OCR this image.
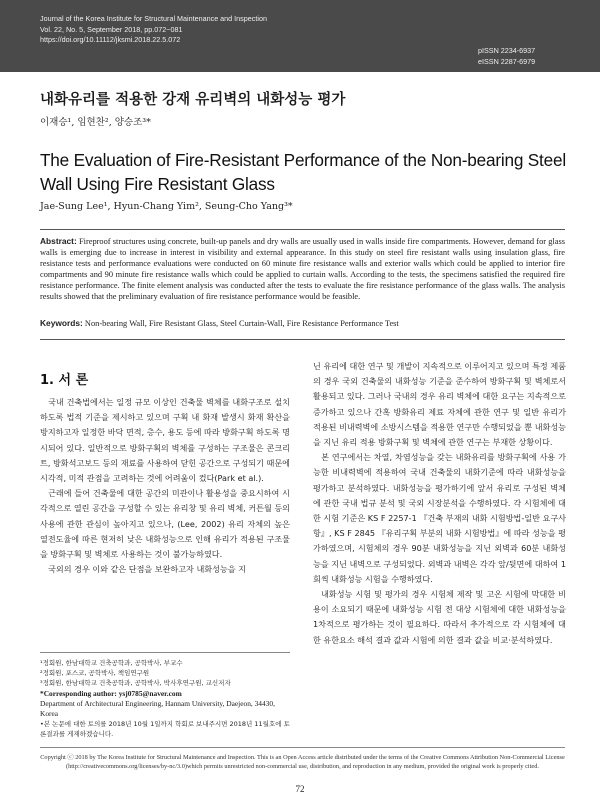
Journal of the Korea Institute for Structural Maintenance and Inspection
Vol. 22, No. 5, September 2018, pp.072~081
https://doi.org/10.11112/jksmi.2018.22.5.072
pISSN 2234-6937
eISSN 2287-6979
내화유리를 적용한 강재 유리벽의 내화성능 평가
이재승¹, 임현찬², 양승조³*
The Evaluation of Fire-Resistant Performance of the Non-bearing Steel Wall Using Fire Resistant Glass
Jae-Sung Lee¹, Hyun-Chang Yim², Seung-Cho Yang³*
Abstract: Fireproof structures using concrete, built-up panels and dry walls are usually used in walls inside fire compartments. However, demand for glass walls is emerging due to increase in interest in visibility and external appearance. In this study on steel fire resistant walls using insulation glass, fire resistance tests and performance evaluations were conducted on 60 minute fire resistance walls and exterior walls which could be applied to interior fire compartments and 90 minute fire resistance walls which could be applied to curtain walls. According to the tests, the specimens satisfied the required fire resistance performance. The finite element analysis was conducted after the tests to evaluate the fire resistance performance of the glass walls. The analysis results showed that the preliminary evaluation of fire resistance performance would be feasible.
Keywords: Non-bearing Wall, Fire Resistant Glass, Steel Curtain-Wall, Fire Resistance Performance Test
1. 서 론

국내 건축법에서는 일정 규모 이상인 건축물 벽체를 내화구조로 설치하도록 법적 기준을 제시하고 있으며 구획 내 화재 발생시 화재 확산을 방지하고자 일정한 바닥 면적, 층수, 용도 등에 따라 방화구획 하도록 명시되어 있다. 일반적으로 방화구획의 벽체를 구성하는 구조물은 콘크리트, 방화석고보드 등의 재료를 사용하여 닫힌 공간으로 구성되기 때문에 시각적, 미적 관점을 고려하는 것에 어려움이 컸다(Park et al.).

근래에 들어 건축물에 대한 공간의 미관이나 활용성을 중요시하여 시각적으로 열린 공간을 구성할 수 있는 유리창 및 유리 벽체, 커튼월 등의 사용에 관한 관심이 높아지고 있으나, (Lee, 2002) 유리 자체의 높은 열전도율에 따른 현저히 낮은 내화성능으로 인해 유리가 적용된 구조물을 방화구획 및 벽체로 사용하는 것이 불가능하였다.

국외의 경우 이와 같은 단점을 보완하고자 내화성능을 지

닌 유리에 대한 연구 및 개발이 지속적으로 이루어지고 있으며 특정 제품의 경우 국외 건축물의 내화성능 기준을 준수하여 방화구획 및 벽체로서 활용되고 있다. 그러나 국내의 경우 유리 벽체에 대한 요구는 지속적으로 증가하고 있으나 간혹 방화유리 제료 자체에 관한 연구 및 일반 유리가 적용된 비내력벽에 소방시스템을 적용한 연구만 수행되었을 뿐 내화성능을 지닌 유리 적용 방화구획 및 벽체에 관한 연구는 부재한 상황이다.

본 연구에서는 차열, 차염성능을 갖는 내화유리를 방화구획에 사용 가능한 비내력벽에 적용하여 국내 건축물의 내화기준에 따라 내화성능을 평가하고 분석하였다. 내화성능을 평가하기에 앞서 유리로 구성된 벽체에 관한 국내 법규 분석 및 국외 시장분석을 수행하였다. 각 시험체에 대한 시험 기준은 KS F 2257-1 『건축 부재의 내화 시험방법-일반 요구사항』, KS F 2845 『유리구획 부분의 내화 시험방법』에 따라 성능을 평가하였으며, 시험체의 경우 90분 내화성능을 지닌 외벽과 60분 내화성능을 지닌 내벽으로 구성되었다. 외벽과 내벽은 각각 앞/뒷면에 대하여 1회씩 내화성능 시험을 수행하였다.

내화성능 시험 및 평가의 경우 시험체 제작 및 고온 시험에 막대한 비용이 소요되기 때문에 내화성능 시험 전 대상 시험체에 대한 내화성능을 1차적으로 평가하는 것이 필요하다. 따라서 추가적으로 각 시험체에 대한 유한요소 해석 결과 값과 시험에 의한 결과 값을 비교·분석하였다.

¹정회원, 한남대학교 건축공학과, 공학박사, 부교수
²정회원, 포스코, 공학박사, 책임연구원
³정회원, 한남대학교 건축공학과, 공학박사, 박사후연구원, 교신저자
*Corresponding author: ysj0785@naver.com
Department of Architectural Engineering, Hannam University, Daejeon, 34430, Korea
•본 논문에 대한 토의를 2018년 10월 1일까지 학회로 보내주시면 2018년 11월호에 토론결과를 게재하겠습니다.
Copyright ⓒ 2018 by The Korea Institute for Structural Maintenance and Inspection. This is an Open Access article distributed under the terms of the Creative Commons Attribution Non-Commercial License (http://creativecommons.org/licenses/by-nc/3.0)which permits unrestricted non-commercial use, distribution, and reproduction in any medium, provided the original work is properly cited.
72
